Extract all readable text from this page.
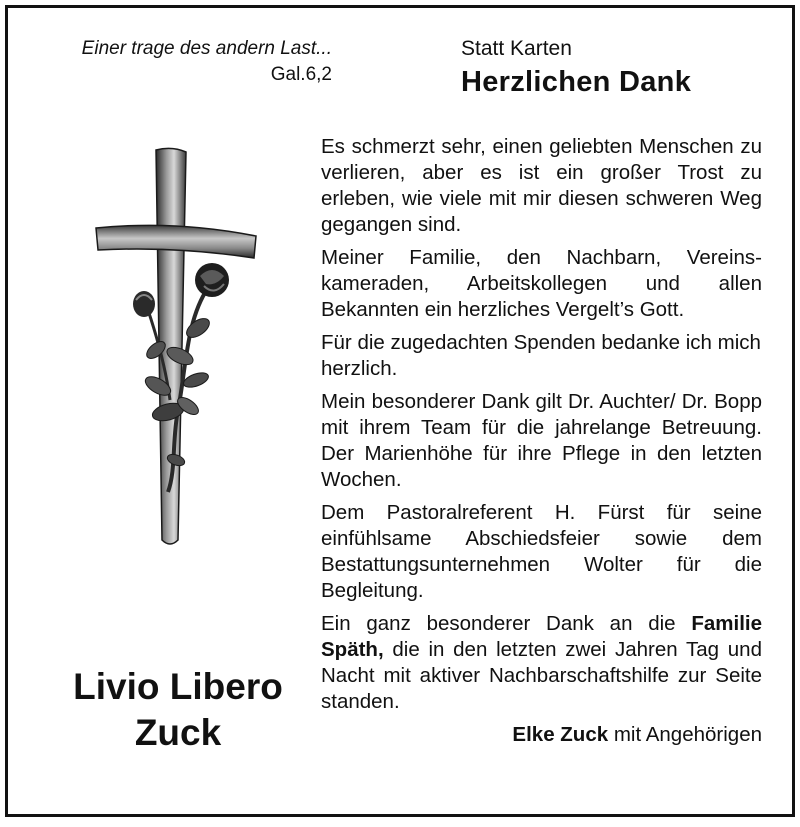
Einer trage des andern Last...
Gal.6,2
Statt Karten
Herzlichen Dank
Livio Libero
Zuck

Es schmerzt sehr, einen geliebten Menschen zu verlieren, aber es ist ein großer Trost zu erleben, wie viele mit mir diesen schweren Weg gegangen sind.

Meiner Familie, den Nachbarn, Vereinskameraden, Arbeitskollegen und allen Bekannten ein herzliches Vergelt’s Gott.

Für die zugedachten Spenden bedanke ich mich herzlich.

Mein besonderer Dank gilt Dr. Auchter/ Dr. Bopp mit ihrem Team für die jahrelange Betreuung. Der Marienhöhe für ihre Pflege in den letzten Wochen.

Dem Pastoralreferent H. Fürst für seine einfühlsame Abschiedsfeier sowie dem Bestattungsunternehmen Wolter für die Begleitung.

Ein ganz besonderer Dank an die Familie Späth, die in den letzten zwei Jahren Tag und Nacht mit aktiver Nachbarschaftshilfe zur Seite standen.

Elke Zuck mit Angehörigen
